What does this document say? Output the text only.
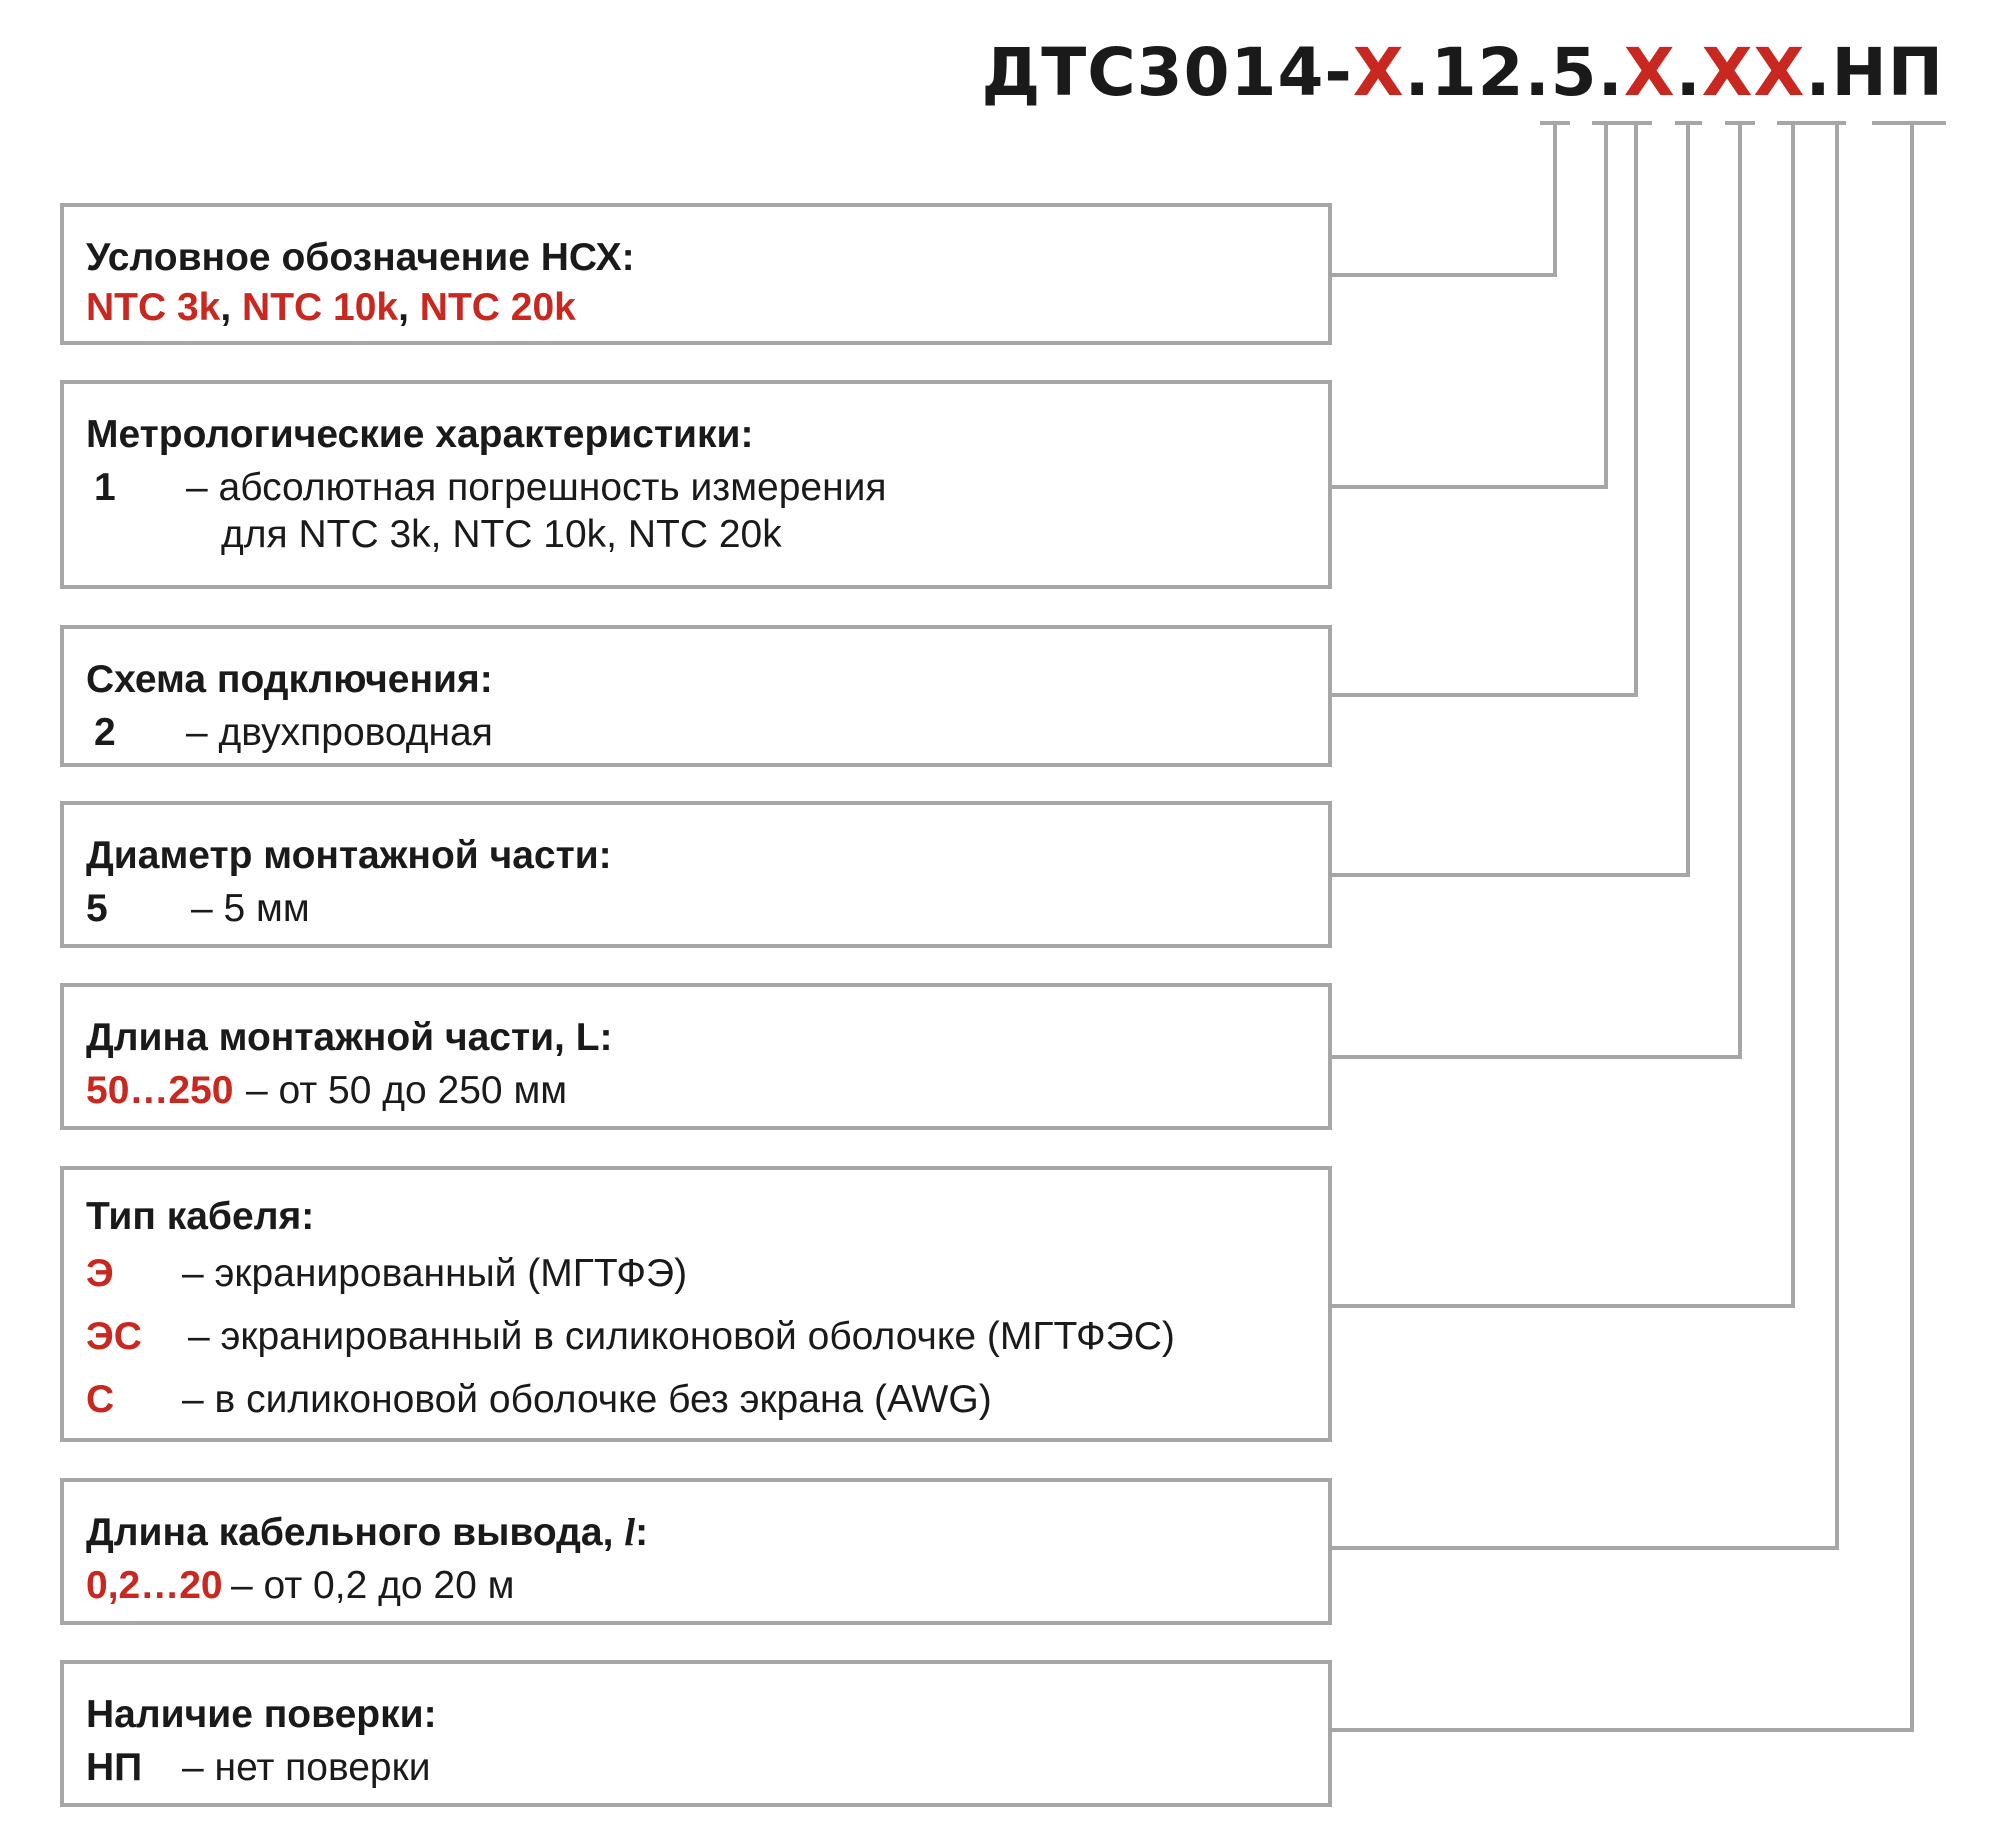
ДТС3014-X.12.5.X.XX.НП
Условное обозначение НСХ:
NTC 3k, NTC 10k, NTC 20k
Метрологические характеристики:
1 – абсолютная погрешность измерения
для NTC 3k, NTC 10k, NTC 20k
Схема подключения:
2 – двухпроводная
Диаметр монтажной части:
5 – 5 мм
Длина монтажной части, L:
50…250 – от 50 до 250 мм
Тип кабеля:
Э – экранированный (МГТФЭ)
ЭС – экранированный в силиконовой оболочке (МГТФЭС)
С – в силиконовой оболочке без экрана (AWG)
Длина кабельного вывода, l:
0,2…20 – от 0,2 до 20 м
Наличие поверки:
НП – нет поверки
